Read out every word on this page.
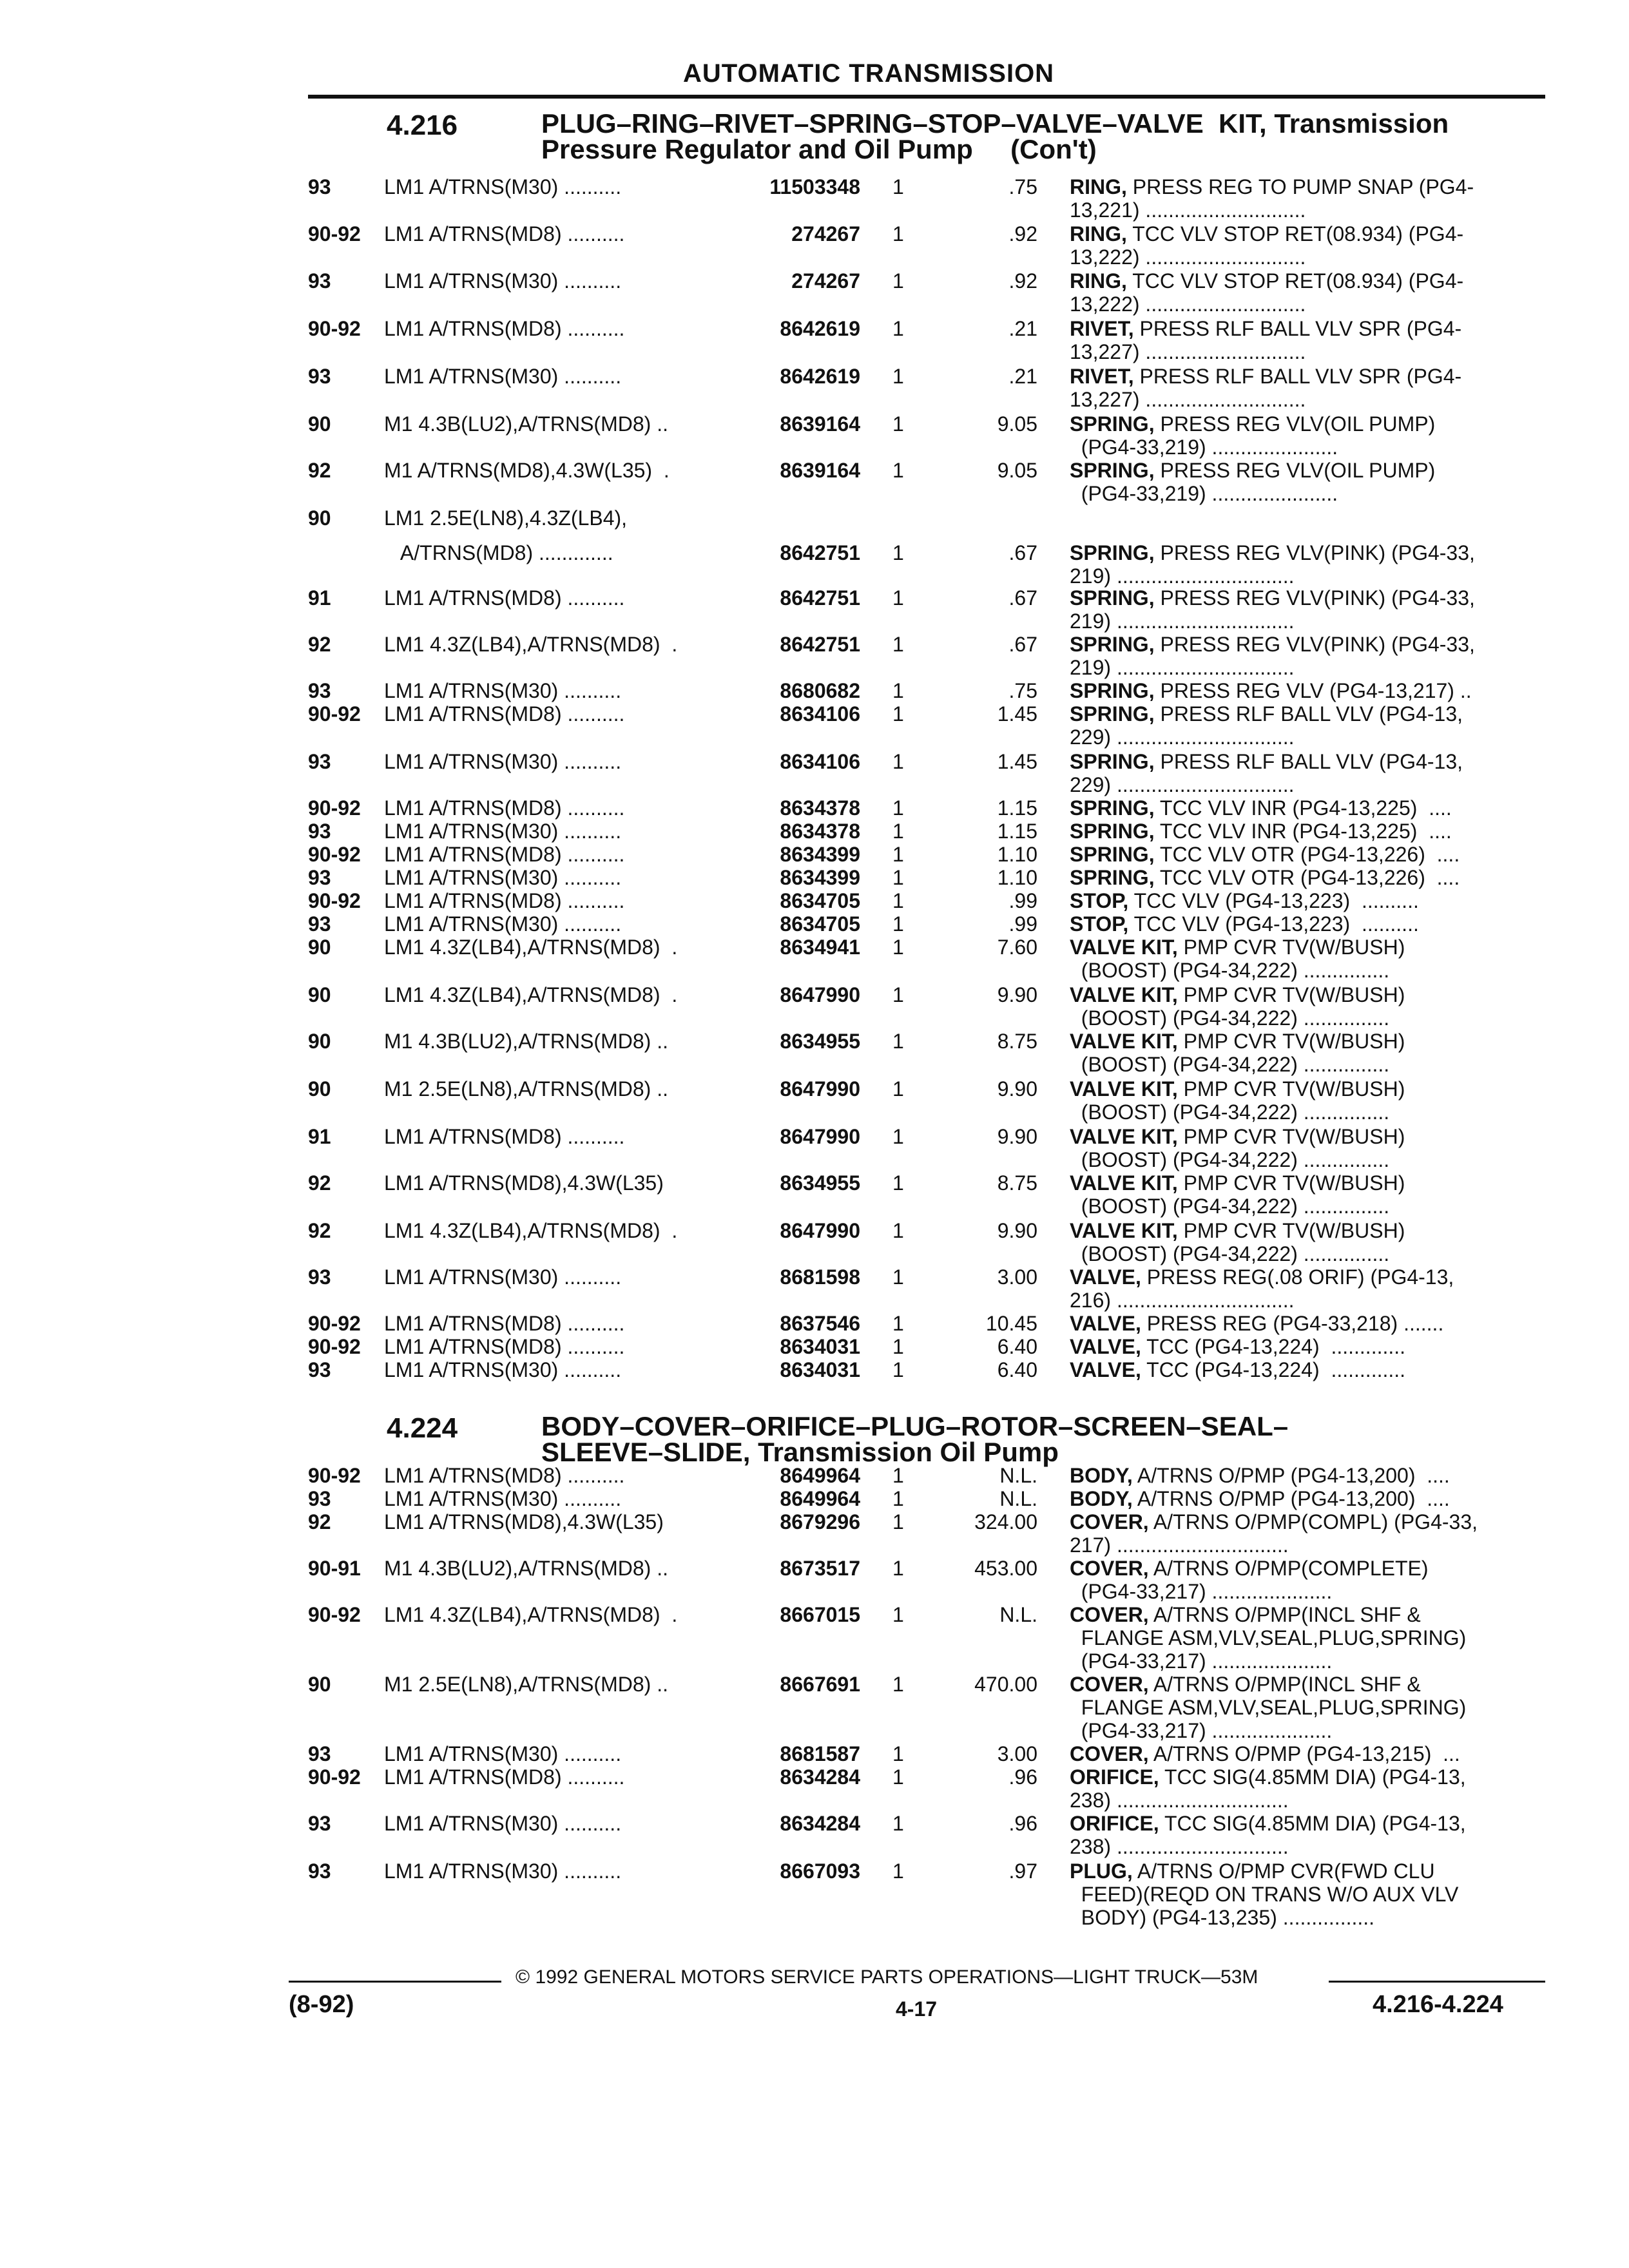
AUTOMATIC TRANSMISSION
4.216	PLUG–RING–RIVET–SPRING–STOP–VALVE–VALVE  KIT, Transmission
Pressure Regulator and Oil Pump     (Con't)
93	LM1 A/TRNS(M30) ..........	11503348 1	.75 RING, PRESS REG TO PUMP SNAP (PG4-
13,221) ............................
90-92 LM1 A/TRNS(MD8) ..........	274267 1	.92 RING, TCC VLV STOP RET(08.934) (PG4-
13,222) ............................
93	LM1 A/TRNS(M30) ..........	274267 1	.92 RING, TCC VLV STOP RET(08.934) (PG4-
13,222) ............................
90-92 LM1 A/TRNS(MD8) ..........	8642619 1	.21 RIVET, PRESS RLF BALL VLV SPR (PG4-
13,227) ............................
93	LM1 A/TRNS(M30) ..........	8642619 1	.21 RIVET, PRESS RLF BALL VLV SPR (PG4-
13,227) ............................
90	M1 4.3B(LU2),A/TRNS(MD8) ..	8639164 1	9.05 SPRING, PRESS REG VLV(OIL PUMP)
(PG4-33,219) ......................
92	M1 A/TRNS(MD8),4.3W(L35)  .	8639164 1	9.05 SPRING, PRESS REG VLV(OIL PUMP)
(PG4-33,219) ......................
90	LM1 2.5E(LN8),4.3Z(LB4),
A/TRNS(MD8) .............	8642751 1	.67 SPRING, PRESS REG VLV(PINK) (PG4-33,
219) ...............................
91	LM1 A/TRNS(MD8) ..........	8642751 1	.67 SPRING, PRESS REG VLV(PINK) (PG4-33,
219) ...............................
92	LM1 4.3Z(LB4),A/TRNS(MD8)  .	8642751 1	.67 SPRING, PRESS REG VLV(PINK) (PG4-33,
219) ...............................
93	LM1 A/TRNS(M30) ..........	8680682 1	.75 SPRING, PRESS REG VLV (PG4-13,217) ..
90-92 LM1 A/TRNS(MD8) ..........	8634106 1	1.45 SPRING, PRESS RLF BALL VLV (PG4-13,
229) ...............................
93	LM1 A/TRNS(M30) ..........	8634106 1	1.45 SPRING, PRESS RLF BALL VLV (PG4-13,
229) ...............................
90-92 LM1 A/TRNS(MD8) ..........	8634378 1	1.15 SPRING, TCC VLV INR (PG4-13,225)  ....
93	LM1 A/TRNS(M30) ..........	8634378 1	1.15 SPRING, TCC VLV INR (PG4-13,225)  ....
90-92 LM1 A/TRNS(MD8) ..........	8634399 1	1.10 SPRING, TCC VLV OTR (PG4-13,226)  ....
93	LM1 A/TRNS(M30) ..........	8634399 1	1.10 SPRING, TCC VLV OTR (PG4-13,226)  ....
90-92 LM1 A/TRNS(MD8) ..........	8634705 1	.99 STOP, TCC VLV (PG4-13,223)  ..........
93	LM1 A/TRNS(M30) ..........	8634705 1	.99 STOP, TCC VLV (PG4-13,223)  ..........
90	LM1 4.3Z(LB4),A/TRNS(MD8)  .	8634941 1	7.60 VALVE KIT, PMP CVR TV(W/BUSH)
(BOOST) (PG4-34,222) ...............
90	LM1 4.3Z(LB4),A/TRNS(MD8)  .	8647990 1	9.90 VALVE KIT, PMP CVR TV(W/BUSH)
(BOOST) (PG4-34,222) ...............
90	M1 4.3B(LU2),A/TRNS(MD8) ..	8634955 1	8.75 VALVE KIT, PMP CVR TV(W/BUSH)
(BOOST) (PG4-34,222) ...............
90	M1 2.5E(LN8),A/TRNS(MD8) ..	8647990 1	9.90 VALVE KIT, PMP CVR TV(W/BUSH)
(BOOST) (PG4-34,222) ...............
91	LM1 A/TRNS(MD8) ..........	8647990 1	9.90 VALVE KIT, PMP CVR TV(W/BUSH)
(BOOST) (PG4-34,222) ...............
92	LM1 A/TRNS(MD8),4.3W(L35)	8634955 1	8.75 VALVE KIT, PMP CVR TV(W/BUSH)
(BOOST) (PG4-34,222) ...............
92	LM1 4.3Z(LB4),A/TRNS(MD8)  .	8647990 1	9.90 VALVE KIT, PMP CVR TV(W/BUSH)
(BOOST) (PG4-34,222) ...............
93	LM1 A/TRNS(M30) ..........	8681598 1	3.00 VALVE, PRESS REG(.08 ORIF) (PG4-13,
216) ...............................
90-92 LM1 A/TRNS(MD8) ..........	8637546 1	10.45 VALVE, PRESS REG (PG4-33,218) .......
90-92 LM1 A/TRNS(MD8) ..........	8634031 1	6.40 VALVE, TCC (PG4-13,224)  .............
93	LM1 A/TRNS(M30) ..........	8634031 1	6.40 VALVE, TCC (PG4-13,224)  .............
90-92 LM1 A/TRNS(MD8) ..........	8649964 1	N.L. BODY, A/TRNS O/PMP (PG4-13,200)  ....
93	LM1 A/TRNS(M30) ..........	8649964 1	N.L. BODY, A/TRNS O/PMP (PG4-13,200)  ....
92	LM1 A/TRNS(MD8),4.3W(L35)	8679296 1	324.00 COVER, A/TRNS O/PMP(COMPL) (PG4-33,
217) ..............................
90-91 M1 4.3B(LU2),A/TRNS(MD8) ..	8673517 1	453.00 COVER, A/TRNS O/PMP(COMPLETE)
(PG4-33,217) .....................
90-92 LM1 4.3Z(LB4),A/TRNS(MD8)  .	8667015 1	N.L. COVER, A/TRNS O/PMP(INCL SHF &
FLANGE ASM,VLV,SEAL,PLUG,SPRING)
(PG4-33,217) .....................
90	M1 2.5E(LN8),A/TRNS(MD8) ..	8667691 1	470.00 COVER, A/TRNS O/PMP(INCL SHF &
FLANGE ASM,VLV,SEAL,PLUG,SPRING)
(PG4-33,217) .....................
93	LM1 A/TRNS(M30) ..........	8681587 1	3.00 COVER, A/TRNS O/PMP (PG4-13,215)  ...
90-92 LM1 A/TRNS(MD8) ..........	8634284 1	.96 ORIFICE, TCC SIG(4.85MM DIA) (PG4-13,
238) ..............................
93	LM1 A/TRNS(M30) ..........	8634284 1	.96 ORIFICE, TCC SIG(4.85MM DIA) (PG4-13,
238) ..............................
93	LM1 A/TRNS(M30) ..........	8667093 1	.97 PLUG, A/TRNS O/PMP CVR(FWD CLU
FEED)(REQD ON TRANS W/O AUX VLV
BODY) (PG4-13,235) ................
4.224	BODY–COVER–ORIFICE–PLUG–ROTOR–SCREEN–SEAL–
SLEEVE–SLIDE, Transmission Oil Pump
© 1992 GENERAL MOTORS SERVICE PARTS OPERATIONS—LIGHT TRUCK—53M
(8-92)	4-17	4.216-4.224
